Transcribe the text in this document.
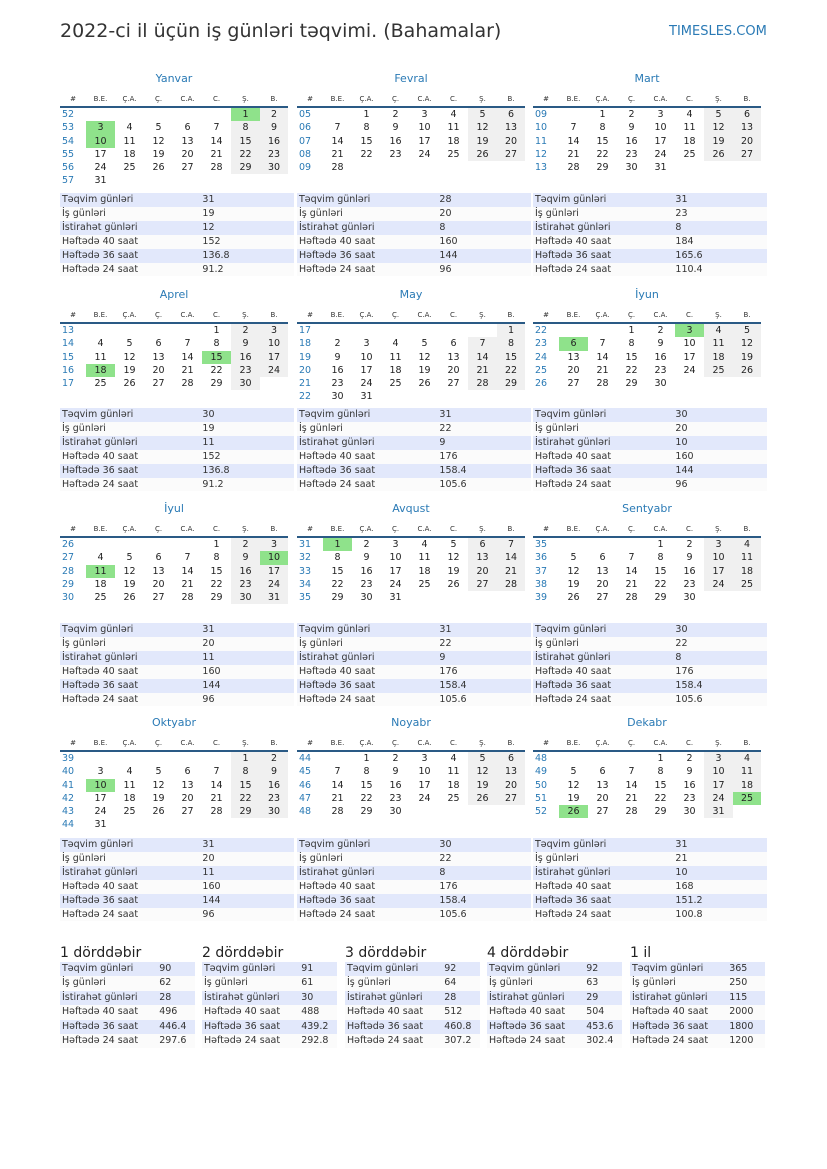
2022-ci il üçün iş günləri təqvimi. (Bahamalar)	TIMESLES.COM
Yanvar
#	B.E.	Ç.A.	Ç.	C.A.	C.	Ş.	B.
52						1	2
53	3	4	5	6	7	8	9
54	10	11	12	13	14	15	16
55	17	18	19	20	21	22	23
56	24	25	26	27	28	29	30
57	31						
Təqvim günləri	31
İş günləri	19
İstirahət günləri	12
Həftədə 40 saat	152
Həftədə 36 saat	136.8
Həftədə 24 saat	91.2
Fevral
#	B.E.	Ç.A.	Ç.	C.A.	C.	Ş.	B.
05		1	2	3	4	5	6
06	7	8	9	10	11	12	13
07	14	15	16	17	18	19	20
08	21	22	23	24	25	26	27
09	28						
Təqvim günləri	28
İş günləri	20
İstirahət günləri	8
Həftədə 40 saat	160
Həftədə 36 saat	144
Həftədə 24 saat	96
Mart
#	B.E.	Ç.A.	Ç.	C.A.	C.	Ş.	B.
09		1	2	3	4	5	6
10	7	8	9	10	11	12	13
11	14	15	16	17	18	19	20
12	21	22	23	24	25	26	27
13	28	29	30	31			
Təqvim günləri	31
İş günləri	23
İstirahət günləri	8
Həftədə 40 saat	184
Həftədə 36 saat	165.6
Həftədə 24 saat	110.4
Aprel
#	B.E.	Ç.A.	Ç.	C.A.	C.	Ş.	B.
13					1	2	3
14	4	5	6	7	8	9	10
15	11	12	13	14	15	16	17
16	18	19	20	21	22	23	24
17	25	26	27	28	29	30	
Təqvim günləri	30
İş günləri	19
İstirahət günləri	11
Həftədə 40 saat	152
Həftədə 36 saat	136.8
Həftədə 24 saat	91.2
May
#	B.E.	Ç.A.	Ç.	C.A.	C.	Ş.	B.
17							1
18	2	3	4	5	6	7	8
19	9	10	11	12	13	14	15
20	16	17	18	19	20	21	22
21	23	24	25	26	27	28	29
22	30	31					
Təqvim günləri	31
İş günləri	22
İstirahət günləri	9
Həftədə 40 saat	176
Həftədə 36 saat	158.4
Həftədə 24 saat	105.6
İyun
#	B.E.	Ç.A.	Ç.	C.A.	C.	Ş.	B.
22			1	2	3	4	5
23	6	7	8	9	10	11	12
24	13	14	15	16	17	18	19
25	20	21	22	23	24	25	26
26	27	28	29	30			
Təqvim günləri	30
İş günləri	20
İstirahət günləri	10
Həftədə 40 saat	160
Həftədə 36 saat	144
Həftədə 24 saat	96
İyul
#	B.E.	Ç.A.	Ç.	C.A.	C.	Ş.	B.
26					1	2	3
27	4	5	6	7	8	9	10
28	11	12	13	14	15	16	17
29	18	19	20	21	22	23	24
30	25	26	27	28	29	30	31
Təqvim günləri	31
İş günləri	20
İstirahət günləri	11
Həftədə 40 saat	160
Həftədə 36 saat	144
Həftədə 24 saat	96
Avqust
#	B.E.	Ç.A.	Ç.	C.A.	C.	Ş.	B.
31	1	2	3	4	5	6	7
32	8	9	10	11	12	13	14
33	15	16	17	18	19	20	21
34	22	23	24	25	26	27	28
35	29	30	31				
Təqvim günləri	31
İş günləri	22
İstirahət günləri	9
Həftədə 40 saat	176
Həftədə 36 saat	158.4
Həftədə 24 saat	105.6
Sentyabr
#	B.E.	Ç.A.	Ç.	C.A.	C.	Ş.	B.
35				1	2	3	4
36	5	6	7	8	9	10	11
37	12	13	14	15	16	17	18
38	19	20	21	22	23	24	25
39	26	27	28	29	30		
Təqvim günləri	30
İş günləri	22
İstirahət günləri	8
Həftədə 40 saat	176
Həftədə 36 saat	158.4
Həftədə 24 saat	105.6
Oktyabr
#	B.E.	Ç.A.	Ç.	C.A.	C.	Ş.	B.
39						1	2
40	3	4	5	6	7	8	9
41	10	11	12	13	14	15	16
42	17	18	19	20	21	22	23
43	24	25	26	27	28	29	30
44	31						
Təqvim günləri	31
İş günləri	20
İstirahət günləri	11
Həftədə 40 saat	160
Həftədə 36 saat	144
Həftədə 24 saat	96
Noyabr
#	B.E.	Ç.A.	Ç.	C.A.	C.	Ş.	B.
44		1	2	3	4	5	6
45	7	8	9	10	11	12	13
46	14	15	16	17	18	19	20
47	21	22	23	24	25	26	27
48	28	29	30				
Təqvim günləri	30
İş günləri	22
İstirahət günləri	8
Həftədə 40 saat	176
Həftədə 36 saat	158.4
Həftədə 24 saat	105.6
Dekabr
#	B.E.	Ç.A.	Ç.	C.A.	C.	Ş.	B.
48				1	2	3	4
49	5	6	7	8	9	10	11
50	12	13	14	15	16	17	18
51	19	20	21	22	23	24	25
52	26	27	28	29	30	31	
Təqvim günləri	31
İş günləri	21
İstirahət günləri	10
Həftədə 40 saat	168
Həftədə 36 saat	151.2
Həftədə 24 saat	100.8
1 dörddəbir
Təqvim günləri	90
İş günləri	62
İstirahət günləri	28
Həftədə 40 saat	496
Həftədə 36 saat	446.4
Həftədə 24 saat	297.6
2 dörddəbir
Təqvim günləri	91
İş günləri	61
İstirahət günləri	30
Həftədə 40 saat	488
Həftədə 36 saat	439.2
Həftədə 24 saat	292.8
3 dörddəbir
Təqvim günləri	92
İş günləri	64
İstirahət günləri	28
Həftədə 40 saat	512
Həftədə 36 saat	460.8
Həftədə 24 saat	307.2
4 dörddəbir
Təqvim günləri	92
İş günləri	63
İstirahət günləri	29
Həftədə 40 saat	504
Həftədə 36 saat	453.6
Həftədə 24 saat	302.4
1 il
Təqvim günləri	365
İş günləri	250
İstirahət günləri	115
Həftədə 40 saat	2000
Həftədə 36 saat	1800
Həftədə 24 saat	1200
